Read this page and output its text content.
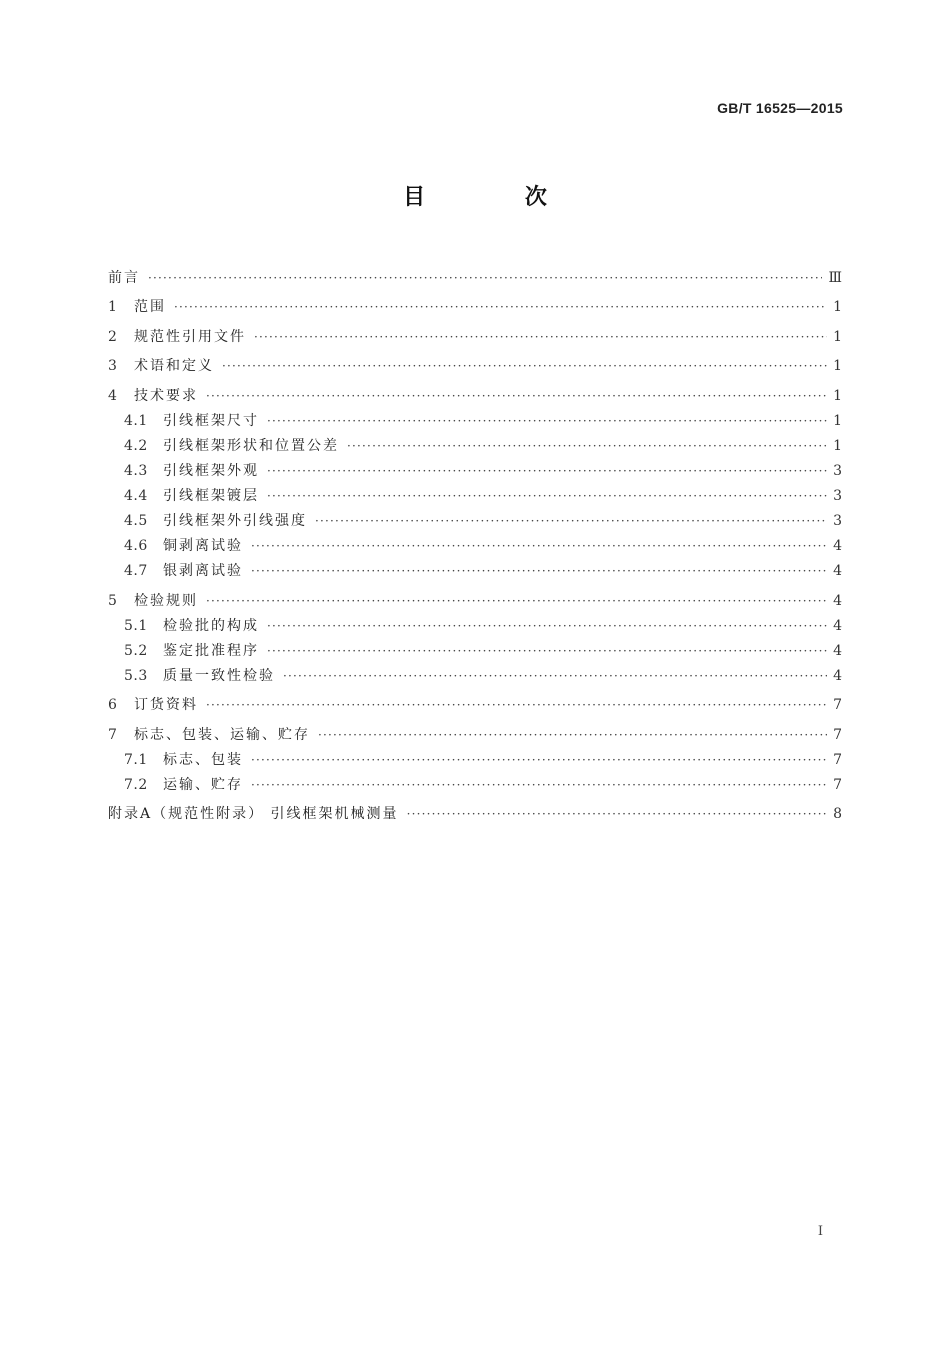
GB/T 16525—2015
目 次
前言 ·····	Ⅲ
1	范围 ·····	1
2	规范性引用文件 ·····	1
3	术语和定义 ·····	1
4	技术要求 ·····	1
4.1	引线框架尺寸 ·····	1
4.2	引线框架形状和位置公差 ·····	1
4.3	引线框架外观 ·····	3
4.4	引线框架镀层 ·····	3
4.5	引线框架外引线强度 ·····	3
4.6	铜剥离试验 ·····	4
4.7	银剥离试验 ·····	4
5	检验规则 ·····	4
5.1	检验批的构成 ·····	4
5.2	鉴定批准程序 ·····	4
5.3	质量一致性检验 ·····	4
6	订货资料 ·····	7
7	标志、包装、运输、贮存 ·····	7
7.1	标志、包装 ·····	7
7.2	运输、贮存 ·····	7
附录A（规范性附录） 引线框架机械测量 ·····	8
I
